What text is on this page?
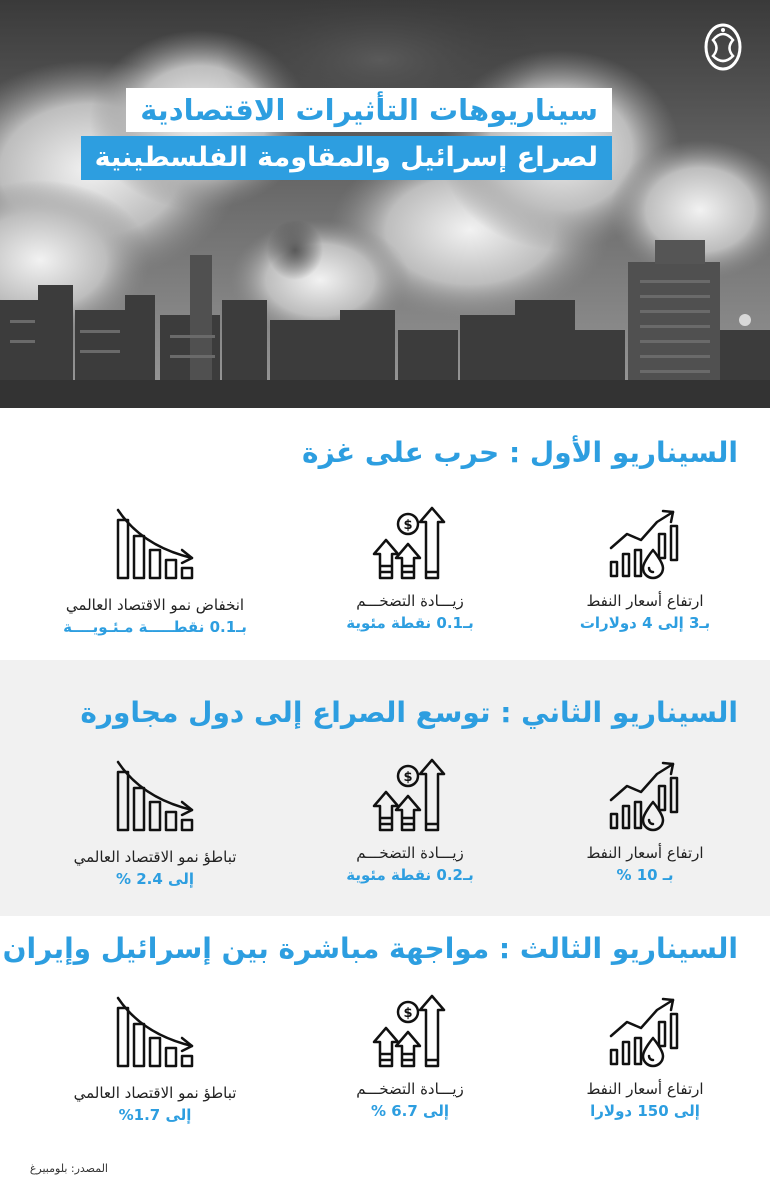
سيناريوهات التأثيرات الاقتصادية
لصراع إسرائيل والمقاومة الفلسطينية
السيناريو الأول : حرب على غزة
ارتفاع أسعار النفط
بـ3 إلى 4 دولارات
$
زيـــادة التضخـــم
بـ0.1 نقطة مئوية
انخفاض نمو الاقتصاد العالمي
بـ0.1 نقطـــــة مـئـويــــة
السيناريو الثاني : توسع الصراع إلى دول مجاورة
ارتفاع أسعار النفط
بـ 10 %
$
زيـــادة التضخـــم
بـ0.2 نقطة مئوية
تباطؤ نمو الاقتصاد العالمي
إلى 2.4 %
السيناريو الثالث : مواجهة مباشرة بين إسرائيل وإيران
ارتفاع أسعار النفط
إلى 150 دولارا
$
زيـــادة التضخـــم
إلى 6.7 %
تباطؤ نمو الاقتصاد العالمي
إلى 1.7%
المصدر: بلومبيرغ
